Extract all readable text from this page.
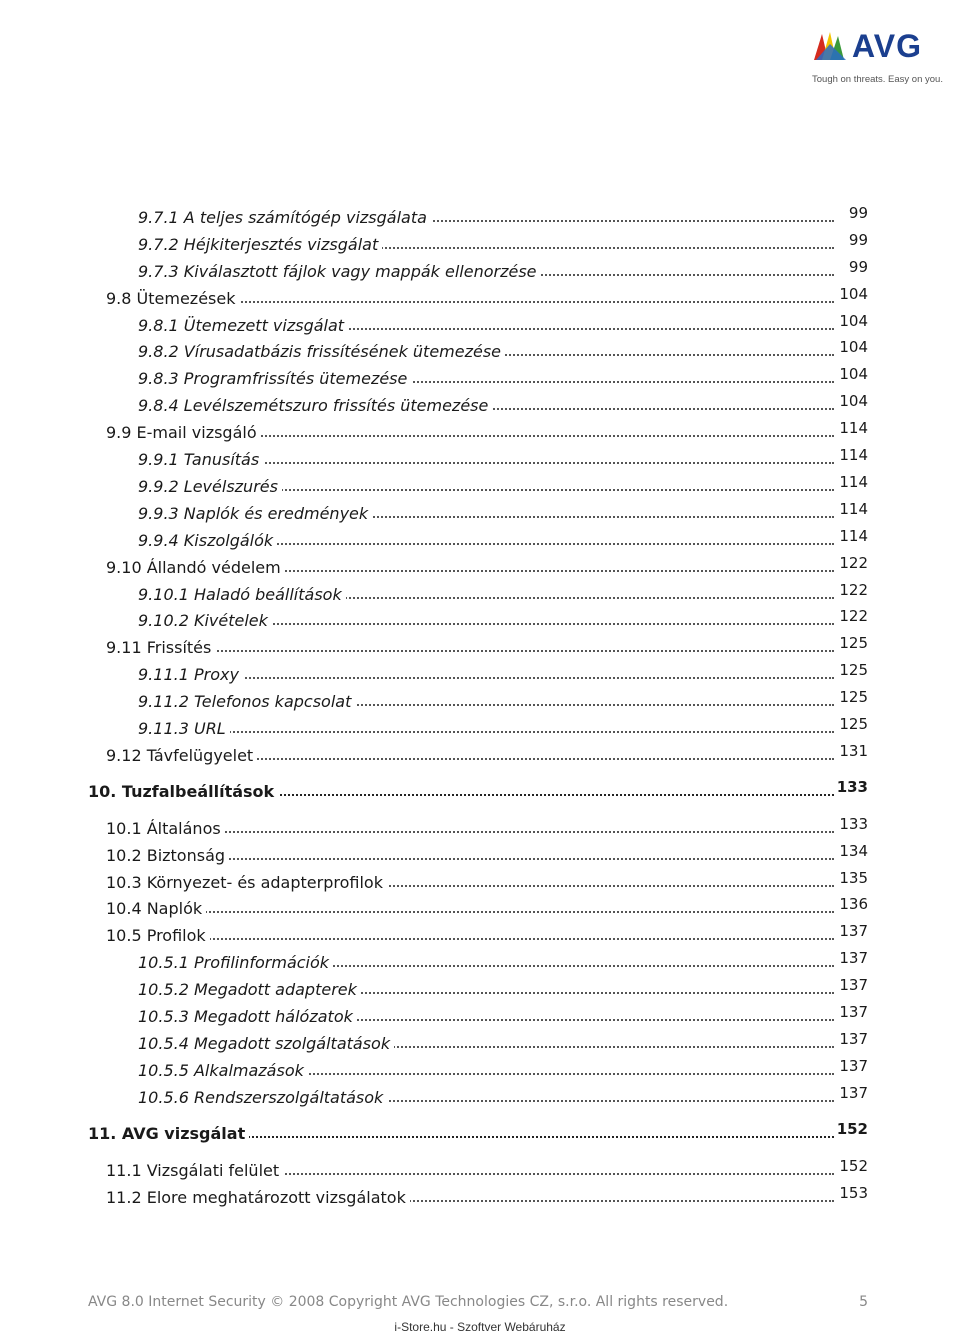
AVG
Tough on threats. Easy on you.
9.7.1 A teljes számítógép vizsgálata	99
9.7.2 Héjkiterjesztés vizsgálat	99
9.7.3 Kiválasztott fájlok vagy mappák ellenorzése	99
9.8 Ütemezések	104
9.8.1 Ütemezett vizsgálat	104
9.8.2 Vírusadatbázis frissítésének ütemezése	104
9.8.3 Programfrissítés ütemezése	104
9.8.4 Levélszemétszuro frissítés ütemezése	104
9.9 E-mail vizsgáló	114
9.9.1 Tanusítás	114
9.9.2 Levélszurés	114
9.9.3 Naplók és eredmények	114
9.9.4 Kiszolgálók	114
9.10 Állandó védelem	122
9.10.1 Haladó beállítások	122
9.10.2 Kivételek	122
9.11 Frissítés	125
9.11.1 Proxy	125
9.11.2 Telefonos kapcsolat	125
9.11.3 URL	125
9.12 Távfelügyelet	131
10. Tuzfalbeállítások	133
10.1 Általános	133
10.2 Biztonság	134
10.3 Környezet- és adapterprofilok	135
10.4 Naplók	136
10.5 Profilok	137
10.5.1 Profilinformációk	137
10.5.2 Megadott adapterek	137
10.5.3 Megadott hálózatok	137
10.5.4 Megadott szolgáltatások	137
10.5.5 Alkalmazások	137
10.5.6 Rendszerszolgáltatások	137
11. AVG vizsgálat	152
11.1 Vizsgálati felület	152
11.2 Elore meghatározott vizsgálatok	153
AVG 8.0 Internet Security © 2008 Copyright AVG Technologies CZ, s.r.o. All rights reserved.	5
i-Store.hu - Szoftver Webáruház
